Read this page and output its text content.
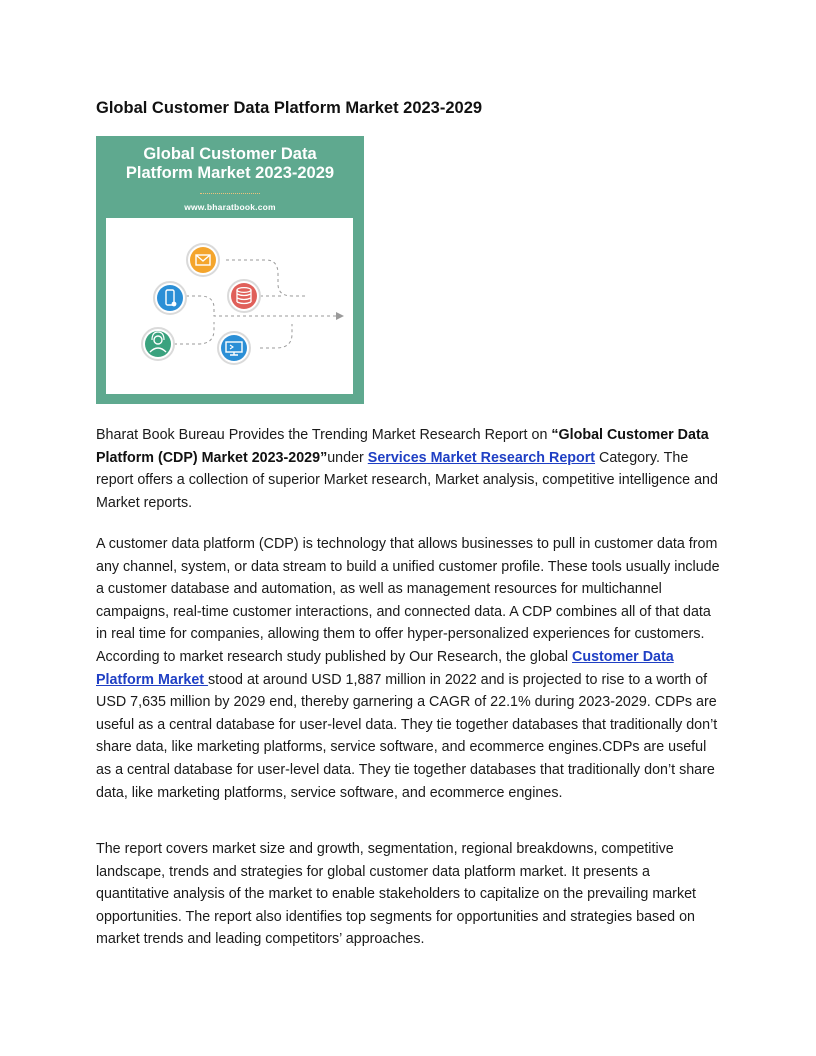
Global Customer Data Platform Market 2023-2029
Global Customer Data
Platform Market 2023-2029
www.bharatbook.com

Bharat Book Bureau Provides the Trending Market Research Report on “Global Customer Data Platform (CDP) Market 2023-2029”under Services Market Research Report Category. The report offers a collection of superior Market research, Market analysis, competitive intelligence and Market reports.

A customer data platform (CDP) is technology that allows businesses to pull in customer data from any channel, system, or data stream to build a unified customer profile. These tools usually include a customer database and automation, as well as management resources for multichannel campaigns, real-time customer interactions, and connected data. A CDP combines all of that data in real time for companies, allowing them to offer hyper-personalized experiences for customers. According to market research study published by Our Research, the global Customer Data Platform Market stood at around USD 1,887 million in 2022 and is projected to rise to a worth of USD 7,635 million by 2029 end, thereby garnering a CAGR of 22.1% during 2023-2029. CDPs are useful as a central database for user-level data. They tie together databases that traditionally don’t share data, like marketing platforms, service software, and ecommerce engines.CDPs are useful as a central database for user-level data. They tie together databases that traditionally don’t share data, like marketing platforms, service software, and ecommerce engines.

The report covers market size and growth, segmentation, regional breakdowns, competitive landscape, trends and strategies for global customer data platform market. It presents a quantitative analysis of the market to enable stakeholders to capitalize on the prevailing market opportunities. The report also identifies top segments for opportunities and strategies based on market trends and leading competitors’ approaches.
